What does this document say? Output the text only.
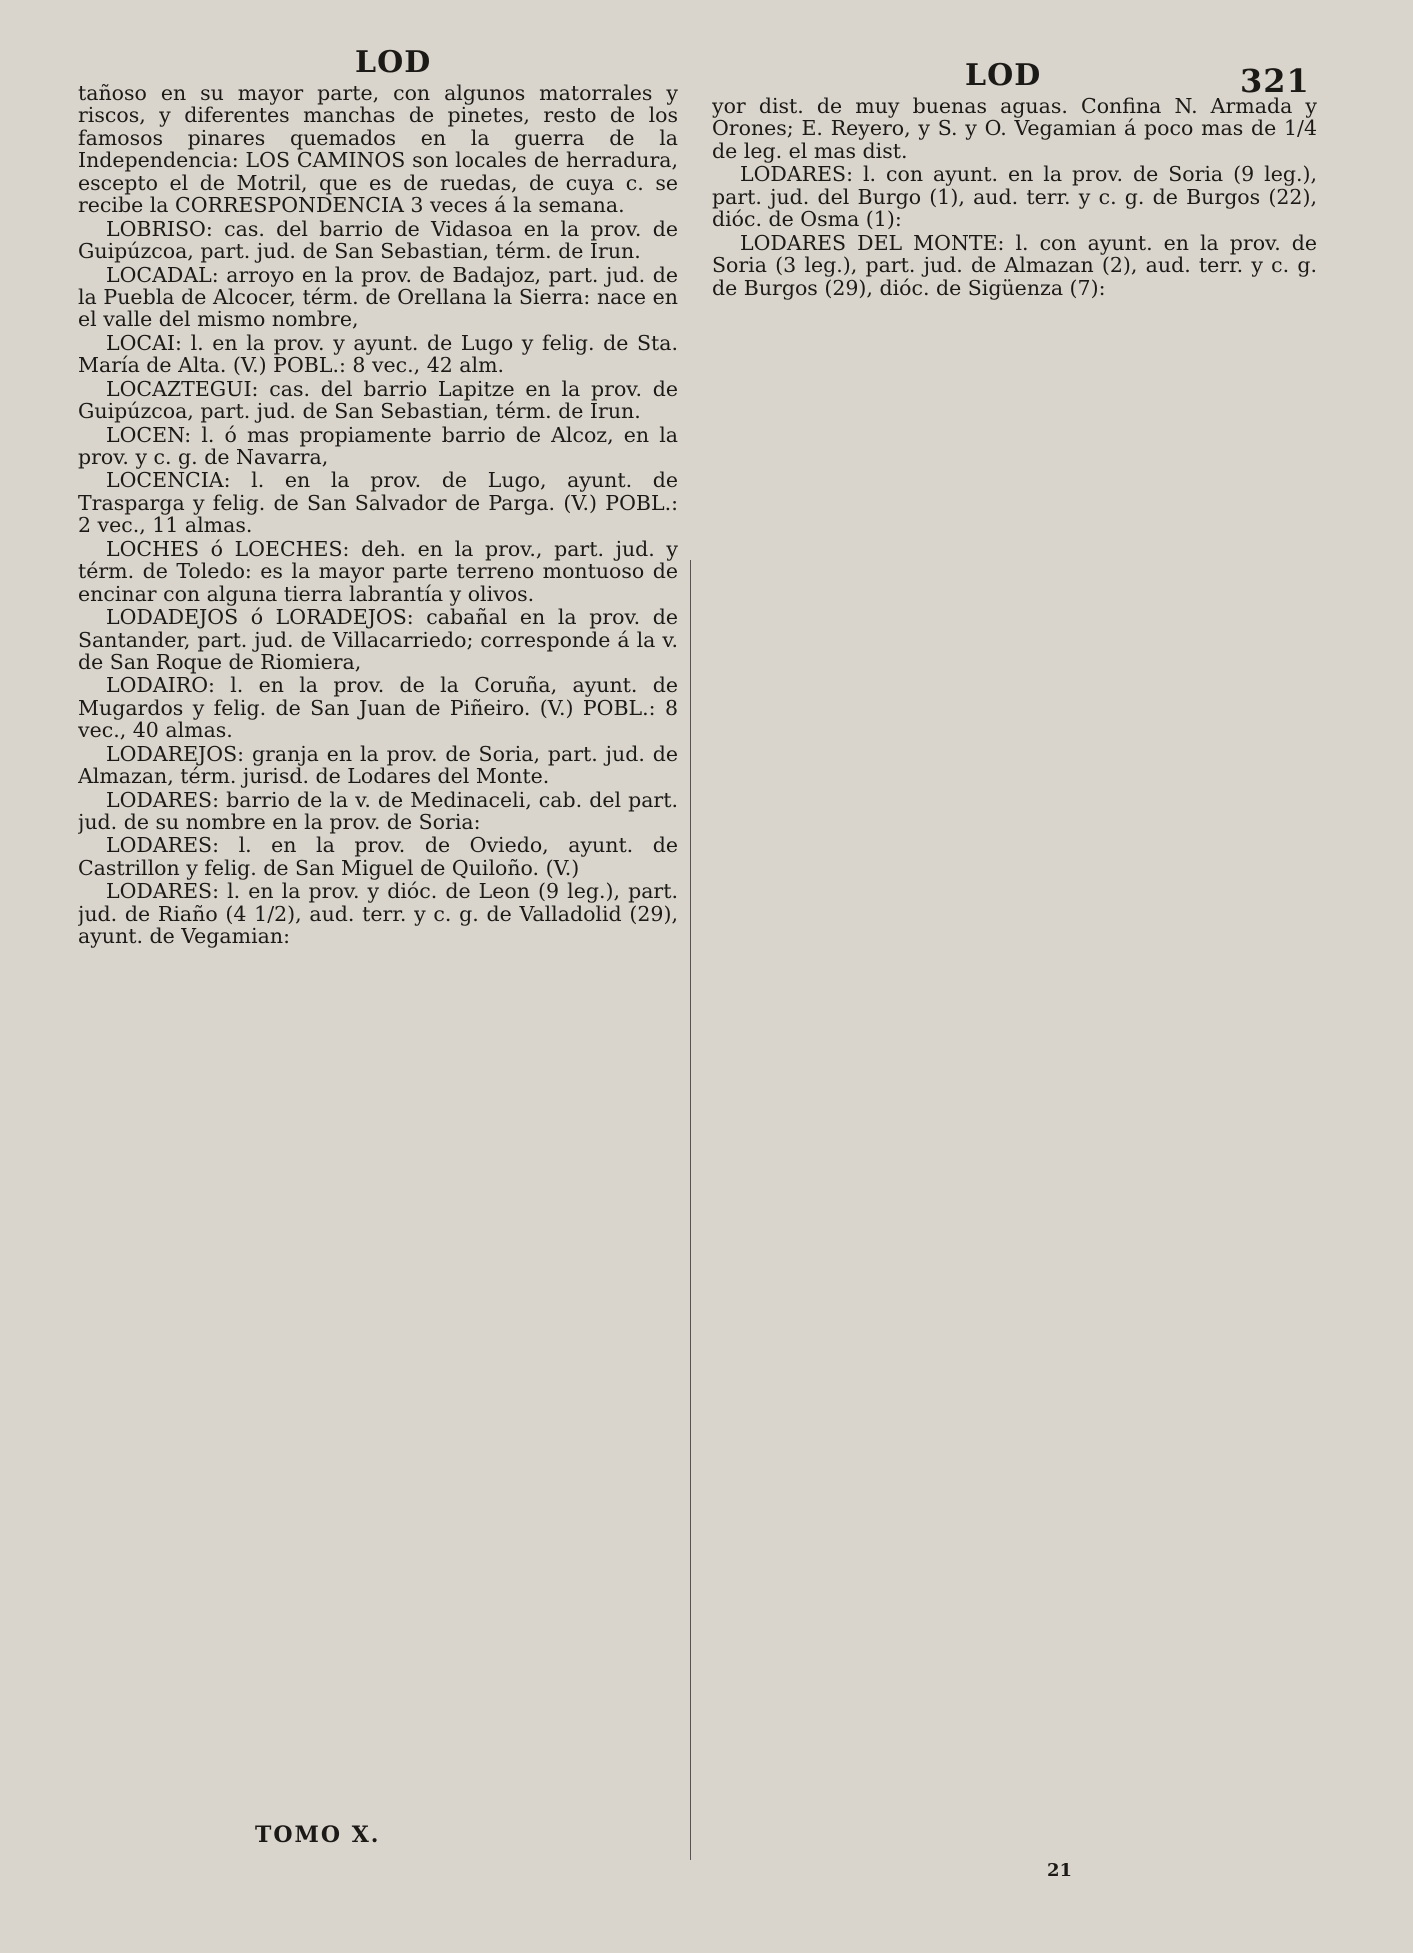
LOD	LOD	321

tañoso en su mayor parte, con algunos matorrales y riscos, y diferentes manchas de pinetes, resto de los famosos pinares quemados en la guerra de la Independencia: LOS CAMINOS son locales de herradura, escepto el de Motril, que es de ruedas, de cuya c. se recibe la CORRESPONDENCIA 3 veces á la semana.

LOBRISO: cas. del barrio de Vidasoa en la prov. de Guipúzcoa, part. jud. de San Sebastian, térm. de Irun.

LOCADAL: arroyo en la prov. de Badajoz, part. jud. de la Puebla de Alcocer, térm. de Orellana la Sierra: nace en el valle del mismo nombre,

LOCAI: l. en la prov. y ayunt. de Lugo y felig. de Sta. María de Alta. (V.) POBL.: 8 vec., 42 alm.

LOCAZTEGUI: cas. del barrio Lapitze en la prov. de Guipúzcoa, part. jud. de San Sebastian, térm. de Irun.

LOCEN: l. ó mas propiamente barrio de Alcoz, en la prov. y c. g. de Navarra,

LOCENCIA: l. en la prov. de Lugo, ayunt. de Trasparga y felig. de San Salvador de Parga. (V.) POBL.: 2 vec., 11 almas.

LOCHES ó LOECHES: deh. en la prov., part. jud. y térm. de Toledo: es la mayor parte terreno montuoso de encinar con alguna tierra labrantía y olivos.

LODADEJOS ó LORADEJOS: cabañal en la prov. de Santander, part. jud. de Villacarriedo; corresponde á la v. de San Roque de Riomiera,

LODAIRO: l. en la prov. de la Coruña, ayunt. de Mugardos y felig. de San Juan de Piñeiro. (V.) POBL.: 8 vec., 40 almas.

LODAREJOS: granja en la prov. de Soria, part. jud. de Almazan, térm. jurisd. de Lodares del Monte.

LODARES: barrio de la v. de Medinaceli, cab. del part. jud. de su nombre en la prov. de Soria:

LODARES: l. en la prov. de Oviedo, ayunt. de Castrillon y felig. de San Miguel de Quiloño. (V.)

LODARES: l. en la prov. y dióc. de Leon (9 leg.), part. jud. de Riaño (4 1/2), aud. terr. y c. g. de Valladolid (29), ayunt. de Vegamian:

yor dist. de muy buenas aguas. Confina N. Armada y Orones; E. Reyero, y S. y O. Vegamian á poco mas de 1/4 de leg. el mas dist.

LODARES: l. con ayunt. en la prov. de Soria (9 leg.), part. jud. del Burgo (1), aud. terr. y c. g. de Burgos (22), dióc. de Osma (1):

LODARES DEL MONTE: l. con ayunt. en la prov. de Soria (3 leg.), part. jud. de Almazan (2), aud. terr. y c. g. de Burgos (29), dióc. de Sigüenza (7):

TOMO X.
21
